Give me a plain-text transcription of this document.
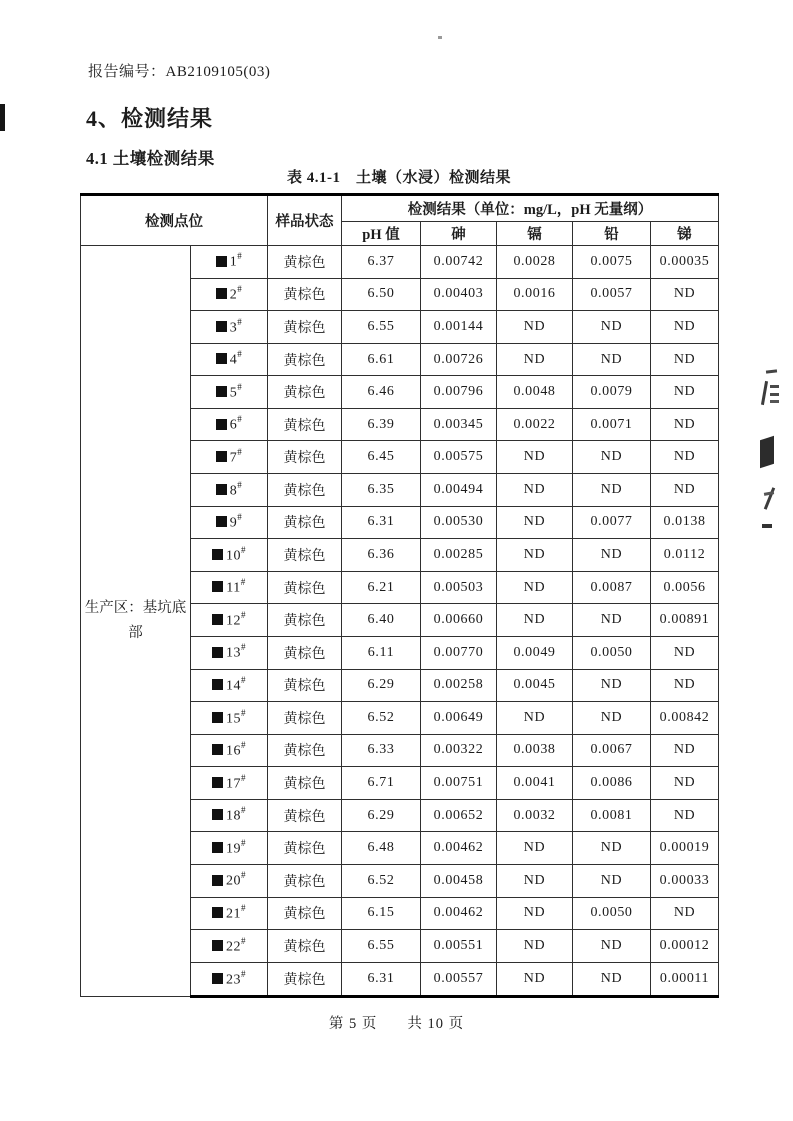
报告编号：AB2109105(03)
4、检测结果
4.1 土壤检测结果
表 4.1-1　土壤（水浸）检测结果
检测点位		样品状态	检测结果（单位：mg/L，pH 无量纲）				
			pH 值	砷	镉	铅	锑
生产区：基坑底部	1#	黄棕色	6.37	0.00742	0.0028	0.0075	0.00035
	2#	黄棕色	6.50	0.00403	0.0016	0.0057	ND
	3#	黄棕色	6.55	0.00144	ND	ND	ND
	4#	黄棕色	6.61	0.00726	ND	ND	ND
	5#	黄棕色	6.46	0.00796	0.0048	0.0079	ND
	6#	黄棕色	6.39	0.00345	0.0022	0.0071	ND
	7#	黄棕色	6.45	0.00575	ND	ND	ND
	8#	黄棕色	6.35	0.00494	ND	ND	ND
	9#	黄棕色	6.31	0.00530	ND	0.0077	0.0138
	10#	黄棕色	6.36	0.00285	ND	ND	0.0112
	11#	黄棕色	6.21	0.00503	ND	0.0087	0.0056
	12#	黄棕色	6.40	0.00660	ND	ND	0.00891
	13#	黄棕色	6.11	0.00770	0.0049	0.0050	ND
	14#	黄棕色	6.29	0.00258	0.0045	ND	ND
	15#	黄棕色	6.52	0.00649	ND	ND	0.00842
	16#	黄棕色	6.33	0.00322	0.0038	0.0067	ND
	17#	黄棕色	6.71	0.00751	0.0041	0.0086	ND
	18#	黄棕色	6.29	0.00652	0.0032	0.0081	ND
	19#	黄棕色	6.48	0.00462	ND	ND	0.00019
	20#	黄棕色	6.52	0.00458	ND	ND	0.00033
	21#	黄棕色	6.15	0.00462	ND	0.0050	ND
	22#	黄棕色	6.55	0.00551	ND	ND	0.00012
	23#	黄棕色	6.31	0.00557	ND	ND	0.00011
第 5 页 共 10 页
